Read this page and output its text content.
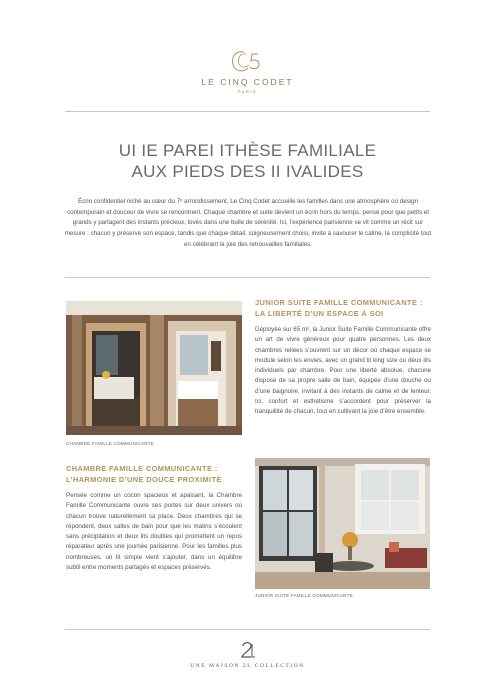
LE CINQ CODET
PARIS
UI IE PAREI ITHÈSE FAMILIALE
AUX PIEDS DES II IVALIDES

Écrin confidentiel niché au cœur du 7ᵉ arrondissement, Le Cinq Codet accueille les familles dans une atmosphère où design contemporain et douceur de vivre se rencontrent. Chaque chambre et suite devient un écrin hors du temps, pensé pour que petits et grands y partagent des instants précieux, lovés dans une bulle de sérénité. Ici, l’expérience parisienne se vit comme un récit sur mesure : chacun y préserve son espace, tandis que chaque détail, soigneusement choisi, invite à savourer le calme, la complicité tout en célébrant la joie des retrouvailles familiales.

CHAMBRE FAMILLE COMMUNICANTE
JUNIOR SUITE FAMILLE COMMUNICANTE :
LA LIBERTÉ D’UN ESPACE À SOI

Déployée sur 65 m², la Junior Suite Famille Communicante offre un art de vivre généreux pour quatre personnes. Les deux chambres reliées s’ouvrent sur un décor où chaque espace se module selon les envies, avec un grand lit king size ou deux lits individuels par chambre. Pour une liberté absolue, chacune dispose de sa propre salle de bain, équipée d’une douche ou d’une baignoire, invitant à des instants de calme et de lenteur. Ici, confort et esthétisme s’accordent pour préserver la tranquillité de chacun, tout en cultivant la joie d’être ensemble.

CHAMBRE FAMILLE COMMUNICANTE :
L’HARMONIE D’UNE DOUCE PROXIMITÉ

Pensée comme un cocon spacieux et apaisant, la Chambre Famille Communicante ouvre ses portes sur deux univers où chacun trouve naturellement sa place. Deux chambres qui se répondent, deux salles de bain pour que les matins s’écoulent sans précipitation et deux lits doubles qui promettent un repos réparateur après une journée parisienne. Pour les familles plus nombreuses, un lit simple vient s’ajouter, dans un équilibre subtil entre moments partagés et espaces préservés.

JUNIOR SUITE FAMILLE COMMUNICANTE
UNE MAISON 2L COLLECTION
